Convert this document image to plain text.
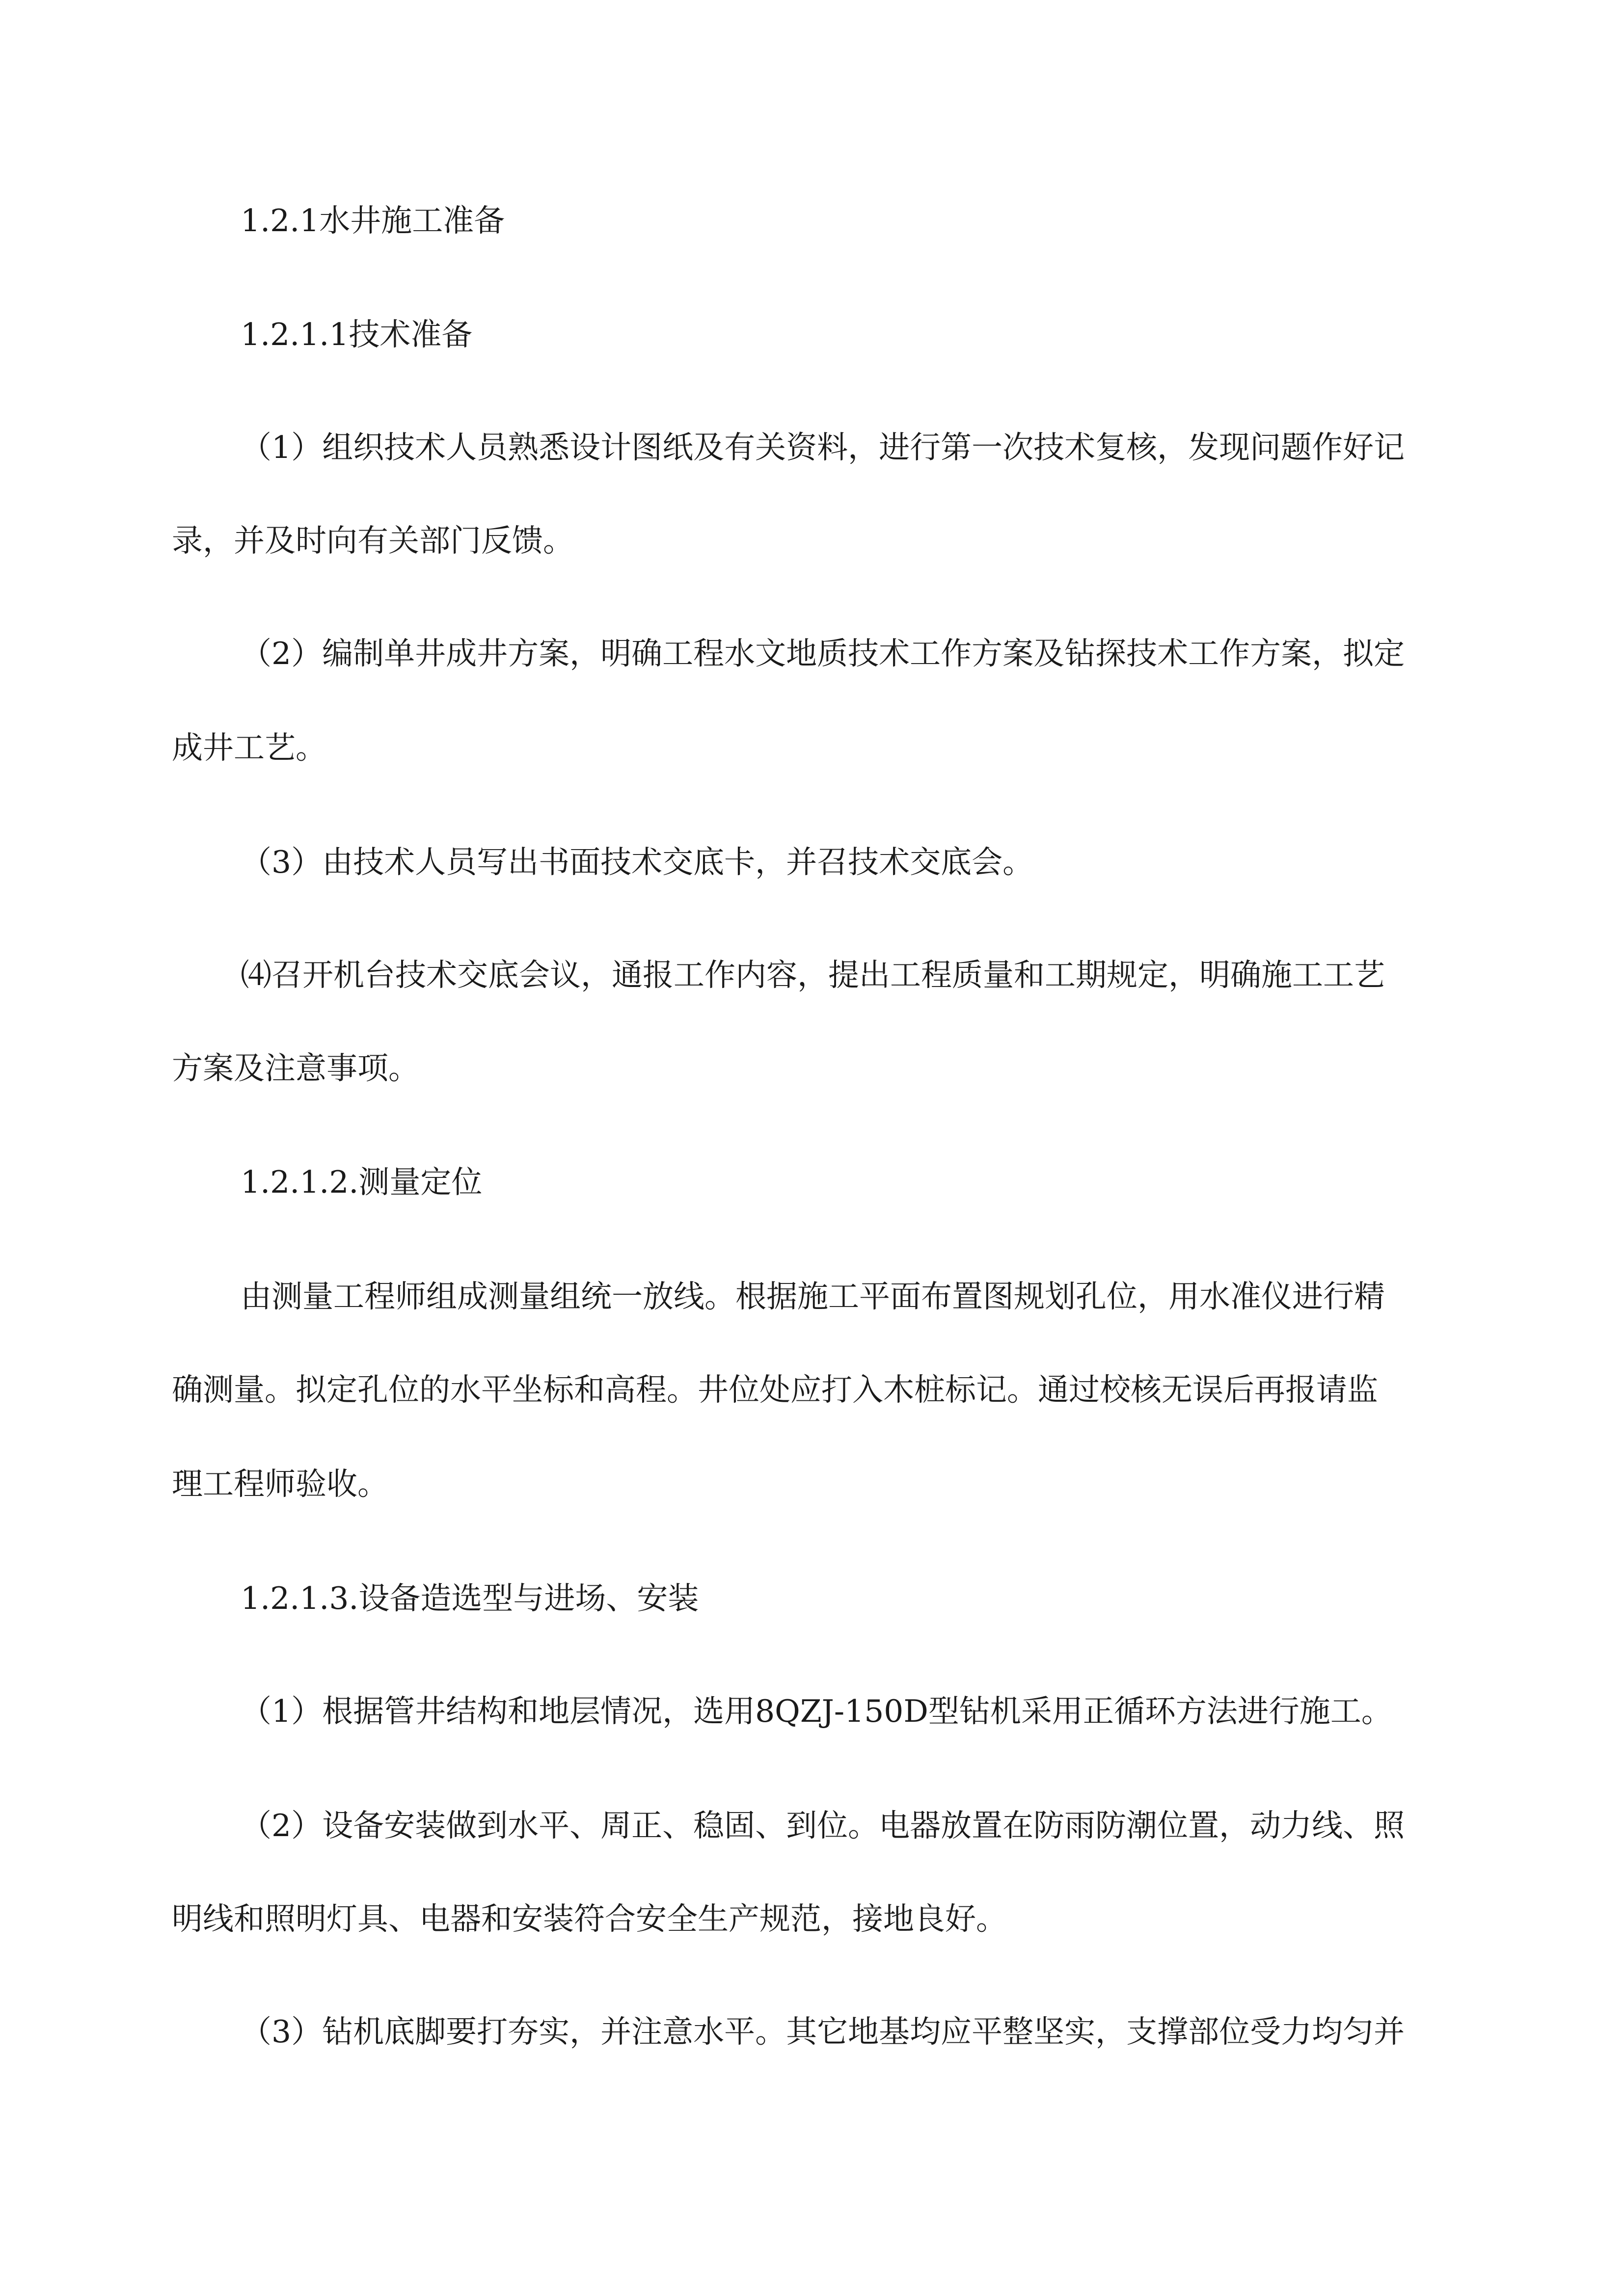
1.2.1水井施工准备
1.2.1.1技术准备
（1）组织技术人员熟悉设计图纸及有关资料，进行第一次技术复核，发现问题作好记
录，并及时向有关部门反馈。
（2）编制单井成井方案，明确工程水文地质技术工作方案及钻探技术工作方案，拟定
成井工艺。
（3）由技术人员写出书面技术交底卡，并召技术交底会。
⑷召开机台技术交底会议，通报工作内容，提出工程质量和工期规定，明确施工工艺
方案及注意事项。
1.2.1.2.测量定位
由测量工程师组成测量组统一放线。根据施工平面布置图规划孔位，用水准仪进行精
确测量。拟定孔位的水平坐标和高程。井位处应打入木桩标记。通过校核无误后再报请监
理工程师验收。
1.2.1.3.设备造选型与进场、安装
（1）根据管井结构和地层情况，选用8QZJ-150D型钻机采用正循环方法进行施工。
（2）设备安装做到水平、周正、稳固、到位。电器放置在防雨防潮位置，动力线、照
明线和照明灯具、电器和安装符合安全生产规范，接地良好。
（3）钻机底脚要打夯实，并注意水平。其它地基均应平整坚实，支撑部位受力均匀并
